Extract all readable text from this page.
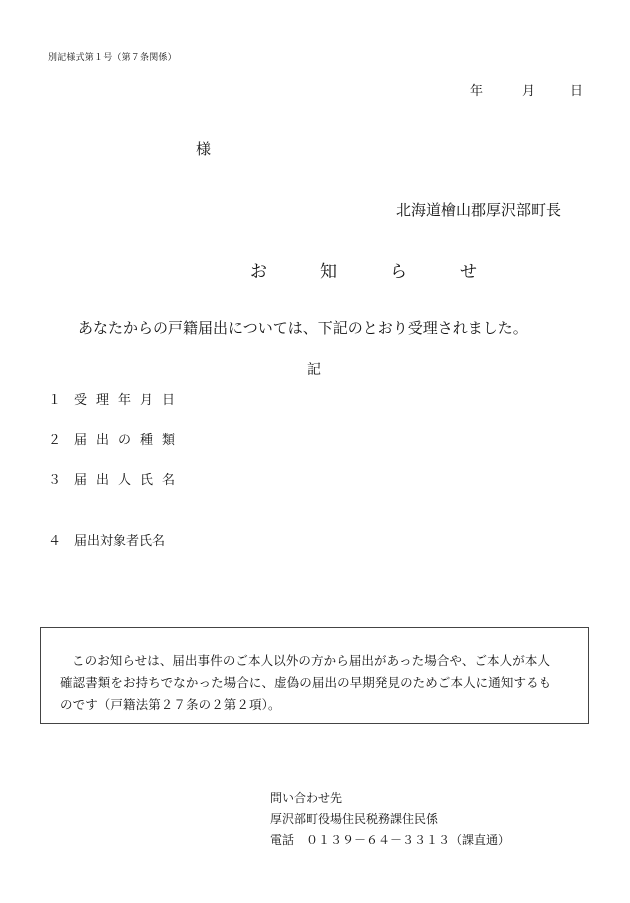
別記様式第１号（第７条関係）
年	月	日
様
北海道檜山郡厚沢部町長
お　知　ら　せ
あなたからの戸籍届出については、下記のとおり受理されました。
記
１ 受理年月日
２ 届出の種類
３ 届出人氏名
４ 届出対象者氏名
このお知らせは、届出事件のご本人以外の方から届出があった場合や、ご本人が本人確認書類をお持ちでなかった場合に、虚偽の届出の早期発見のためご本人に通知するものです（戸籍法第２７条の２第２項）。
問い合わせ先
厚沢部町役場住民税務課住民係
電話　０１３９－６４－３３１３（課直通）
